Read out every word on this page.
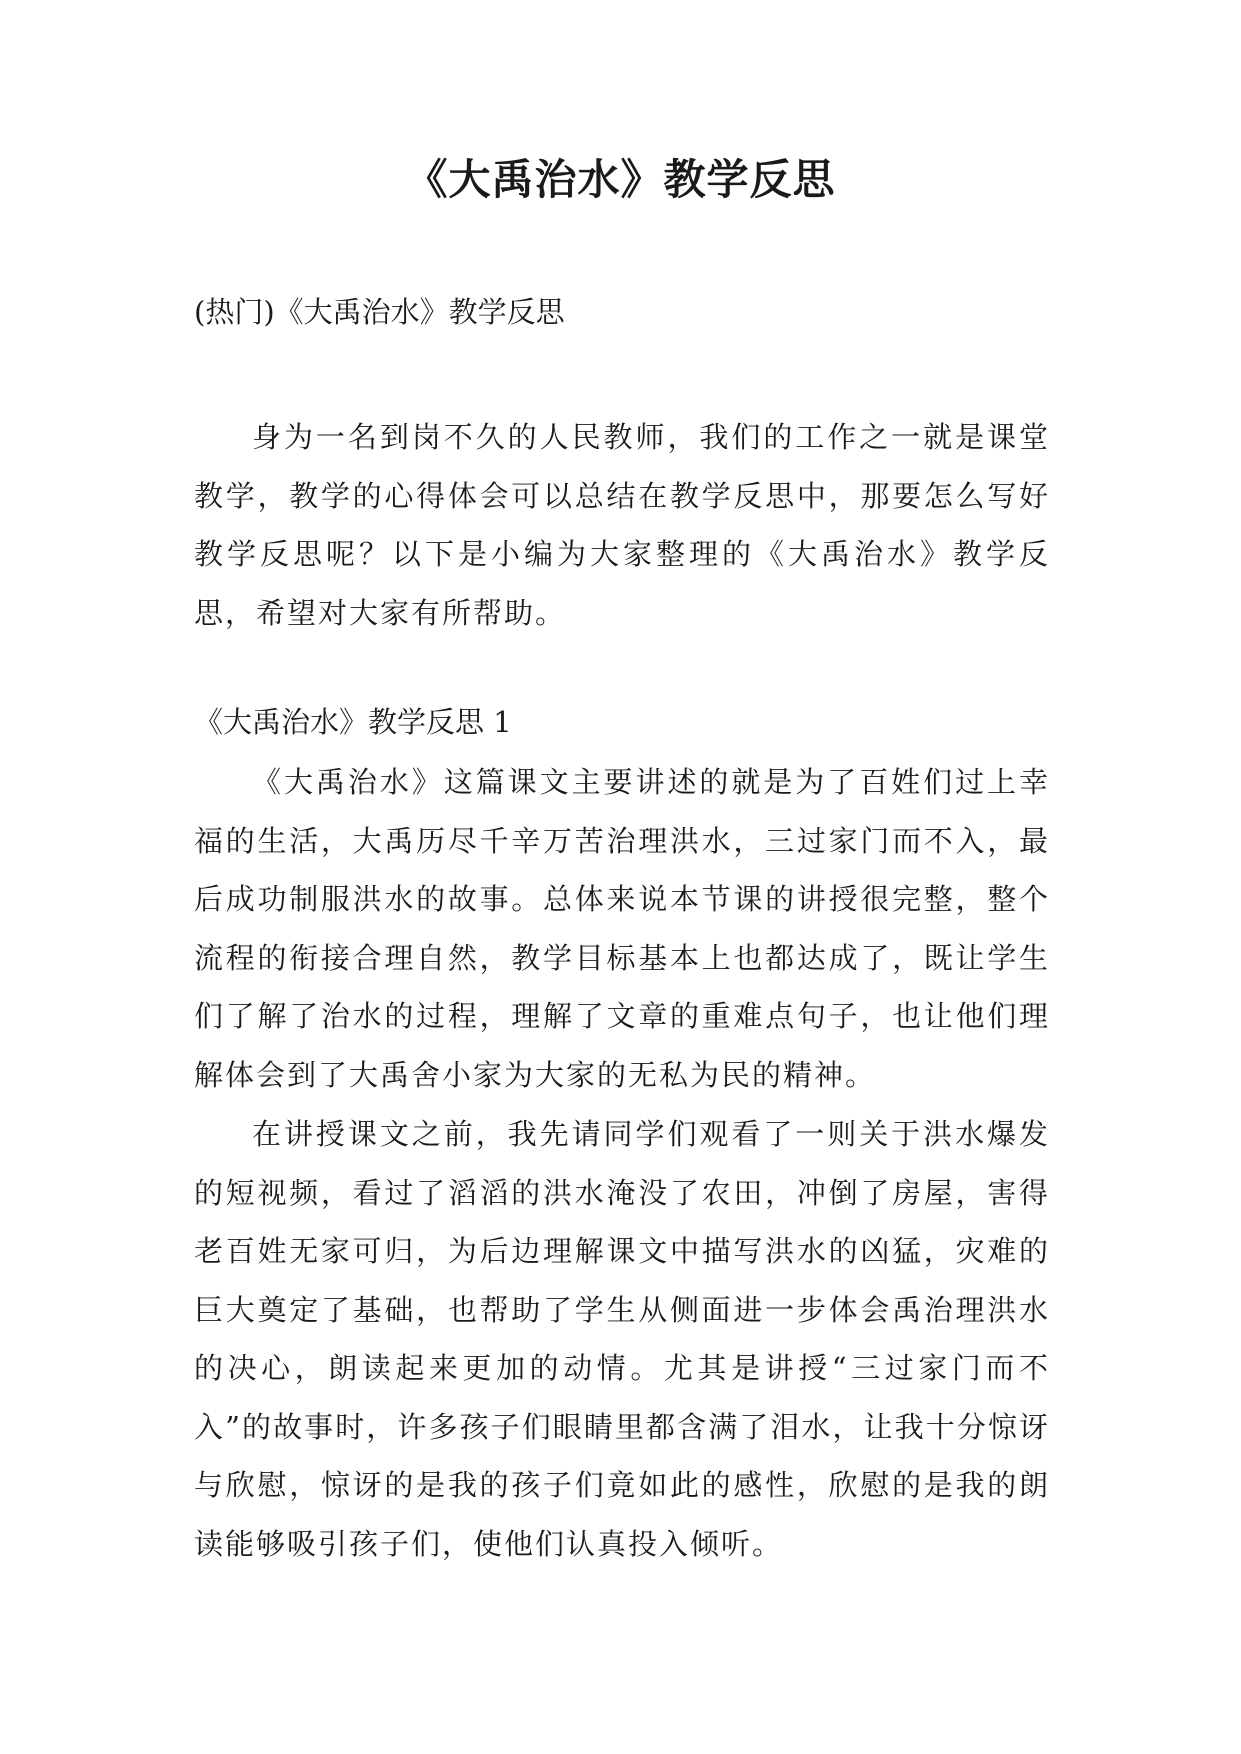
《大禹治水》教学反思
(热门)《大禹治水》教学反思

身为一名到岗不久的人民教师，我们的工作之一就是课堂教学，教学的心得体会可以总结在教学反思中，那要怎么写好教学反思呢？以下是小编为大家整理的《大禹治水》教学反思，希望对大家有所帮助。

《大禹治水》教学反思 1

《大禹治水》这篇课文主要讲述的就是为了百姓们过上幸福的生活，大禹历尽千辛万苦治理洪水，三过家门而不入，最后成功制服洪水的故事。总体来说本节课的讲授很完整，整个流程的衔接合理自然，教学目标基本上也都达成了，既让学生们了解了治水的过程，理解了文章的重难点句子，也让他们理解体会到了大禹舍小家为大家的无私为民的精神。

在讲授课文之前，我先请同学们观看了一则关于洪水爆发的短视频，看过了滔滔的洪水淹没了农田，冲倒了房屋，害得老百姓无家可归，为后边理解课文中描写洪水的凶猛，灾难的巨大奠定了基础，也帮助了学生从侧面进一步体会禹治理洪水的决心，朗读起来更加的动情。尤其是讲授“三过家门而不入”的故事时，许多孩子们眼睛里都含满了泪水，让我十分惊讶与欣慰，惊讶的是我的孩子们竟如此的感性，欣慰的是我的朗读能够吸引孩子们，使他们认真投入倾听。
